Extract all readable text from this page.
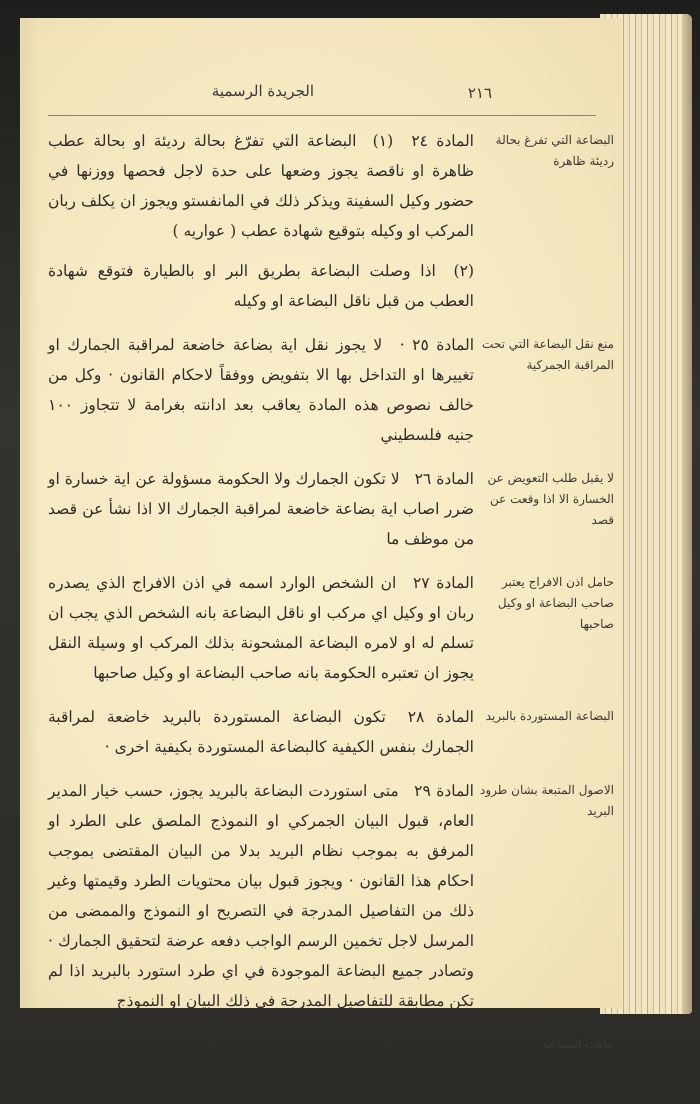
٢١٦
الجريدة الرسمية
البضاعة التي تفرغ بحالة رديئة ظاهرة
المادة ٢٤ (١) البضاعة التي تفرّغ بحالة رديئة او بحالة عطب ظاهرة او ناقصة يجوز وضعها على حدة لاجل فحصها ووزنها في حضور وكيل السفينة ويذكر ذلك في المانفستو ويجوز ان يكلف ربان المركب او وكيله بتوقيع شهادة عطب ( عواريه )
(٢) اذا وصلت البضاعة بطريق البر او بالطيارة فتوقع شهادة العطب من قبل ناقل البضاعة او وكيله
منع نقل البضاعة التي تحت المراقبة الجمركية
المادة ٢٥ · لا يجوز نقل اية بضاعة خاضعة لمراقبة الجمارك او تغييرها او التداخل بها الا بتفويض ووفقاً لاحكام القانون · وكل من خالف نصوص هذه المادة يعاقب بعد ادانته بغرامة لا تتجاوز ١٠٠ جنيه فلسطيني
لا يقبل طلب التعويض عن الخسارة الا اذا وقعت عن قصد
المادة ٢٦ لا تكون الجمارك ولا الحكومة مسؤولة عن اية خسارة او ضرر اصاب اية بضاعة خاضعة لمراقبة الجمارك الا اذا نشأ عن قصد من موظف ما
حامل اذن الافراج يعتبر صاحب البضاعة او وكيل صاحبها
المادة ٢٧ ان الشخص الوارد اسمه في اذن الافراج الذي يصدره ربان او وكيل اي مركب او ناقل البضاعة بانه الشخص الذي يجب ان تسلم له او لامره البضاعة المشحونة بذلك المركب او وسيلة النقل يجوز ان تعتبره الحكومة بانه صاحب البضاعة او وكيل صاحبها
البضاعة المستوردة بالبريد
المادة ٢٨ تكون البضاعة المستوردة بالبريد خاضعة لمراقبة الجمارك بنفس الكيفية كالبضاعة المستوردة بكيفية اخرى ·
الاصول المتبعة بشان طرود البريد
المادة ٢٩ متى استوردت البضاعة بالبريد يجوز، حسب خيار المدير العام، قبول البيان الجمركي او النموذج الملصق على الطرد او المرفق به بموجب نظام البريد بدلا من البيان المقتضى بموجب احكام هذا القانون · ويجوز قبول بيان محتويات الطرد وقيمتها وغير ذلك من التفاصيل المدرجة في التصريح او النموذج والممضى من المرسل لاجل تخمين الرسم الواجب دفعه عرضة لتحقيق الجمارك · وتصادر جميع البضاعة الموجودة في اي طرد استورد بالبريد اذا لم تكن مطابقة للتفاصيل المدرجة في ذلك البيان او النموذج
بيانات البضاعة
المادة ٣٠ يجوز وضع وقبول البيانات بالبضاعة الخاضعة لمراقبة الجمارك غير البضاعة الممنوع استيرادها
